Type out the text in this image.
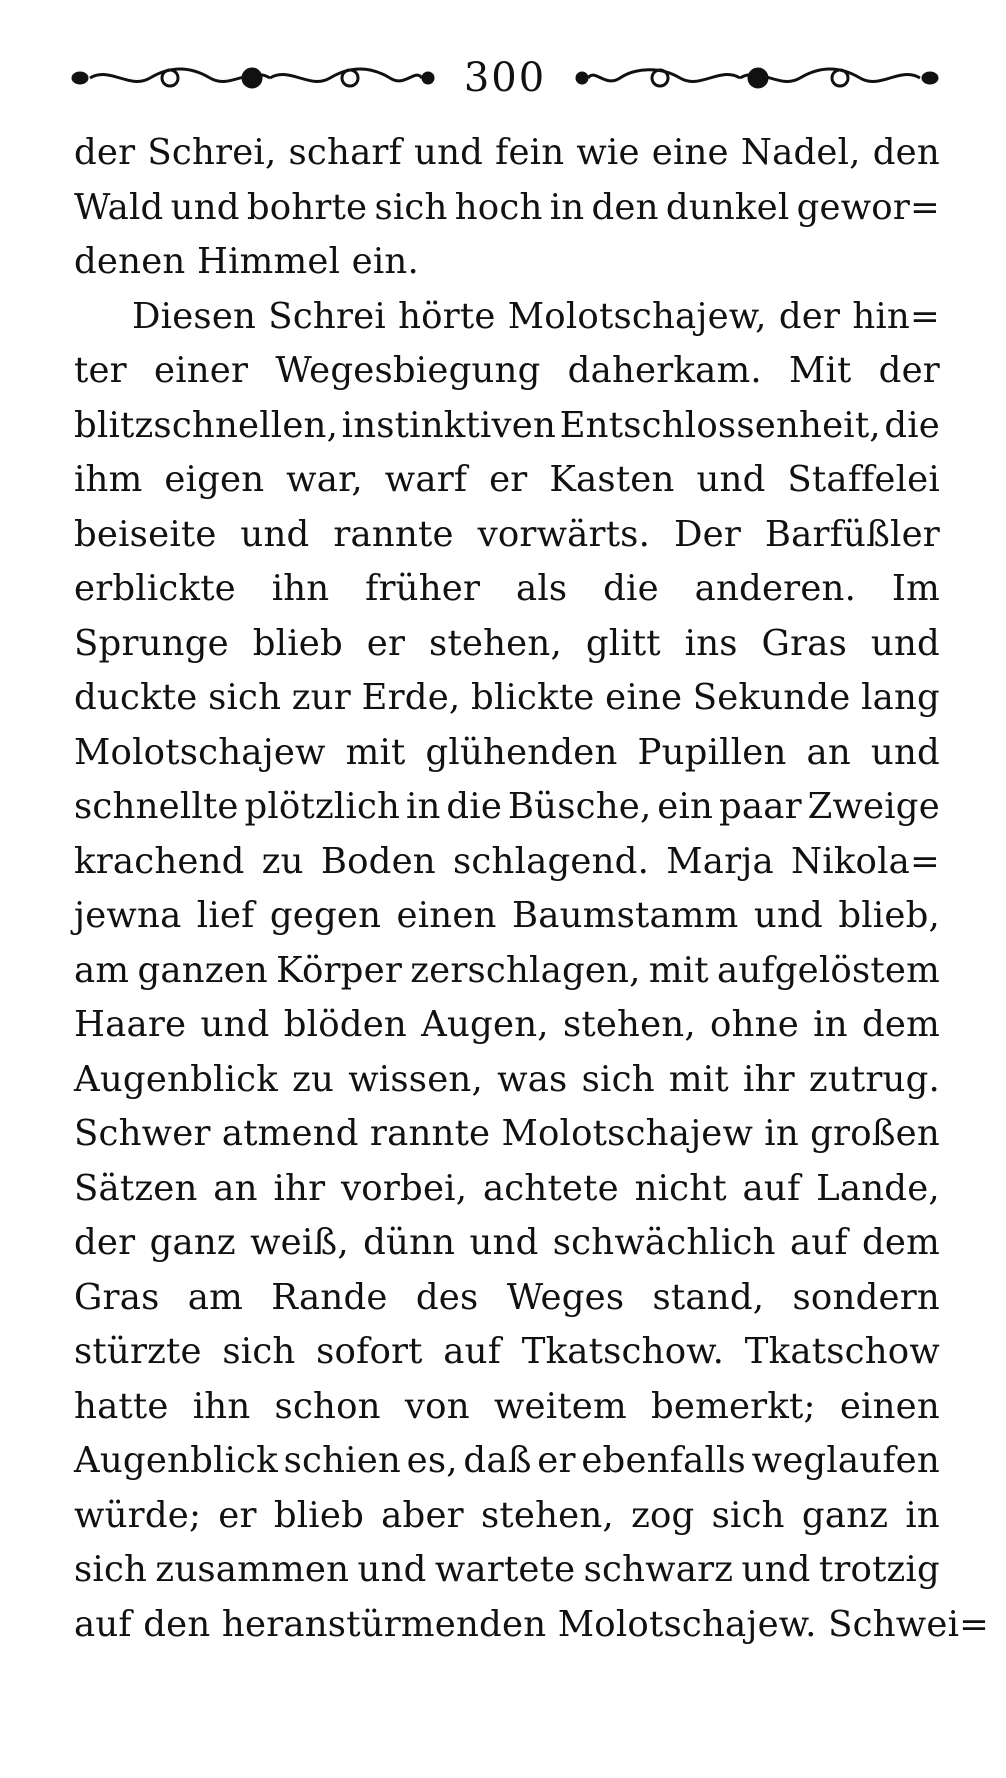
300
der Schrei, scharf und fein wie eine Nadel, den
Wald und bohrte sich hoch in den dunkel gewor=
denen Himmel ein.
Diesen Schrei hörte Molotschajew, der hin=
ter einer Wegesbiegung daherkam. Mit der
blitzschnellen, instinktiven Entschlossenheit, die
ihm eigen war, warf er Kasten und Staffelei
beiseite und rannte vorwärts. Der Barfüßler
erblickte ihn früher als die anderen. Im
Sprunge blieb er stehen, glitt ins Gras und
duckte sich zur Erde, blickte eine Sekunde lang
Molotschajew mit glühenden Pupillen an und
schnellte plötzlich in die Büsche, ein paar Zweige
krachend zu Boden schlagend. Marja Nikola=
jewna lief gegen einen Baumstamm und blieb,
am ganzen Körper zerschlagen, mit aufgelöstem
Haare und blöden Augen, stehen, ohne in dem
Augenblick zu wissen, was sich mit ihr zutrug.
Schwer atmend rannte Molotschajew in großen
Sätzen an ihr vorbei, achtete nicht auf Lande,
der ganz weiß, dünn und schwächlich auf dem
Gras am Rande des Weges stand, sondern
stürzte sich sofort auf Tkatschow. Tkatschow
hatte ihn schon von weitem bemerkt; einen
Augenblick schien es, daß er ebenfalls weglaufen
würde; er blieb aber stehen, zog sich ganz in
sich zusammen und wartete schwarz und trotzig
auf den heranstürmenden Molotschajew. Schwei=
